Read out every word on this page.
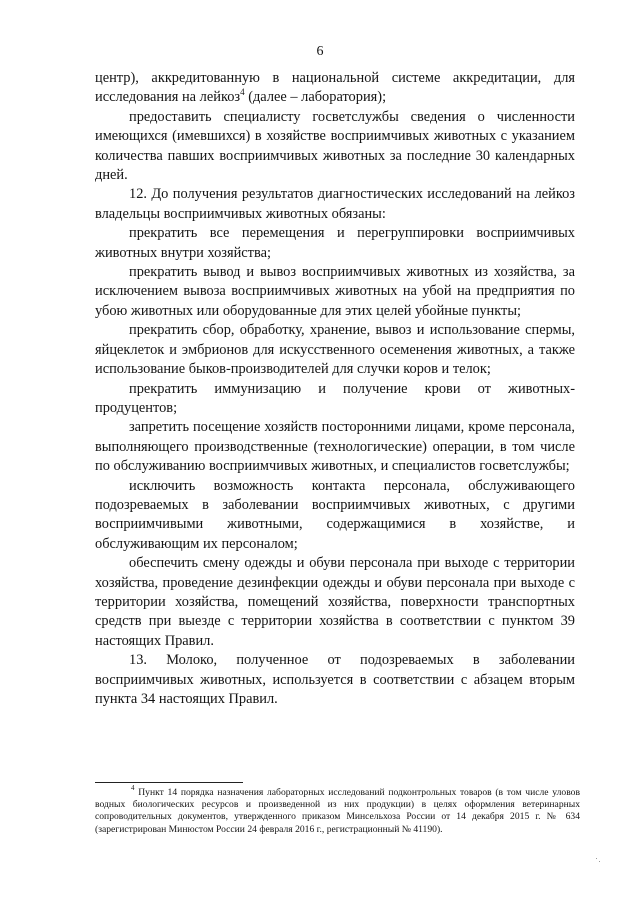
6

центр), аккредитованную в национальной системе аккредитации, для исследования на лейкоз$^4$ (далее – лаборатория);

предоставить специалисту госветслужбы сведения о численности имеющихся (имевшихся) в хозяйстве восприимчивых животных с указанием количества павших восприимчивых животных за последние 30 календарных дней.

12. До получения результатов диагностических исследований на лейкоз владельцы восприимчивых животных обязаны:

прекратить все перемещения и перегруппировки восприимчивых животных внутри хозяйства;

прекратить вывод и вывоз восприимчивых животных из хозяйства, за исключением вывоза восприимчивых животных на убой на предприятия по убою животных или оборудованные для этих целей убойные пункты;

прекратить сбор, обработку, хранение, вывоз и использование спермы, яйцеклеток и эмбрионов для искусственного осеменения животных, а также использование быков-производителей для случки коров и телок;

прекратить иммунизацию и получение крови от животных-продуцентов;

запретить посещение хозяйств посторонними лицами, кроме персонала, выполняющего производственные (технологические) операции, в том числе по обслуживанию восприимчивых животных, и специалистов госветслужбы;

исключить возможность контакта персонала, обслуживающего подозреваемых в заболевании восприимчивых животных, с другими восприимчивыми животными, содержащимися в хозяйстве, и обслуживающим их персоналом;

обеспечить смену одежды и обуви персонала при выходе с территории хозяйства, проведение дезинфекции одежды и обуви персонала при выходе с территории хозяйства, помещений хозяйства, поверхности транспортных средств при выезде с территории хозяйства в соответствии с пунктом 39 настоящих Правил.

13. Молоко, полученное от подозреваемых в заболевании восприимчивых животных, используется в соответствии с абзацем вторым пункта 34 настоящих Правил.

$^4$ Пункт 14 порядка назначения лабораторных исследований подконтрольных товаров (в том числе уловов водных биологических ресурсов и произведенной из них продукции) в целях оформления ветеринарных сопроводительных документов, утвержденного приказом Минсельхоза России от 14 декабря 2015 г. № 634 (зарегистрирован Минюстом России 24 февраля 2016 г., регистрационный № 41190).
